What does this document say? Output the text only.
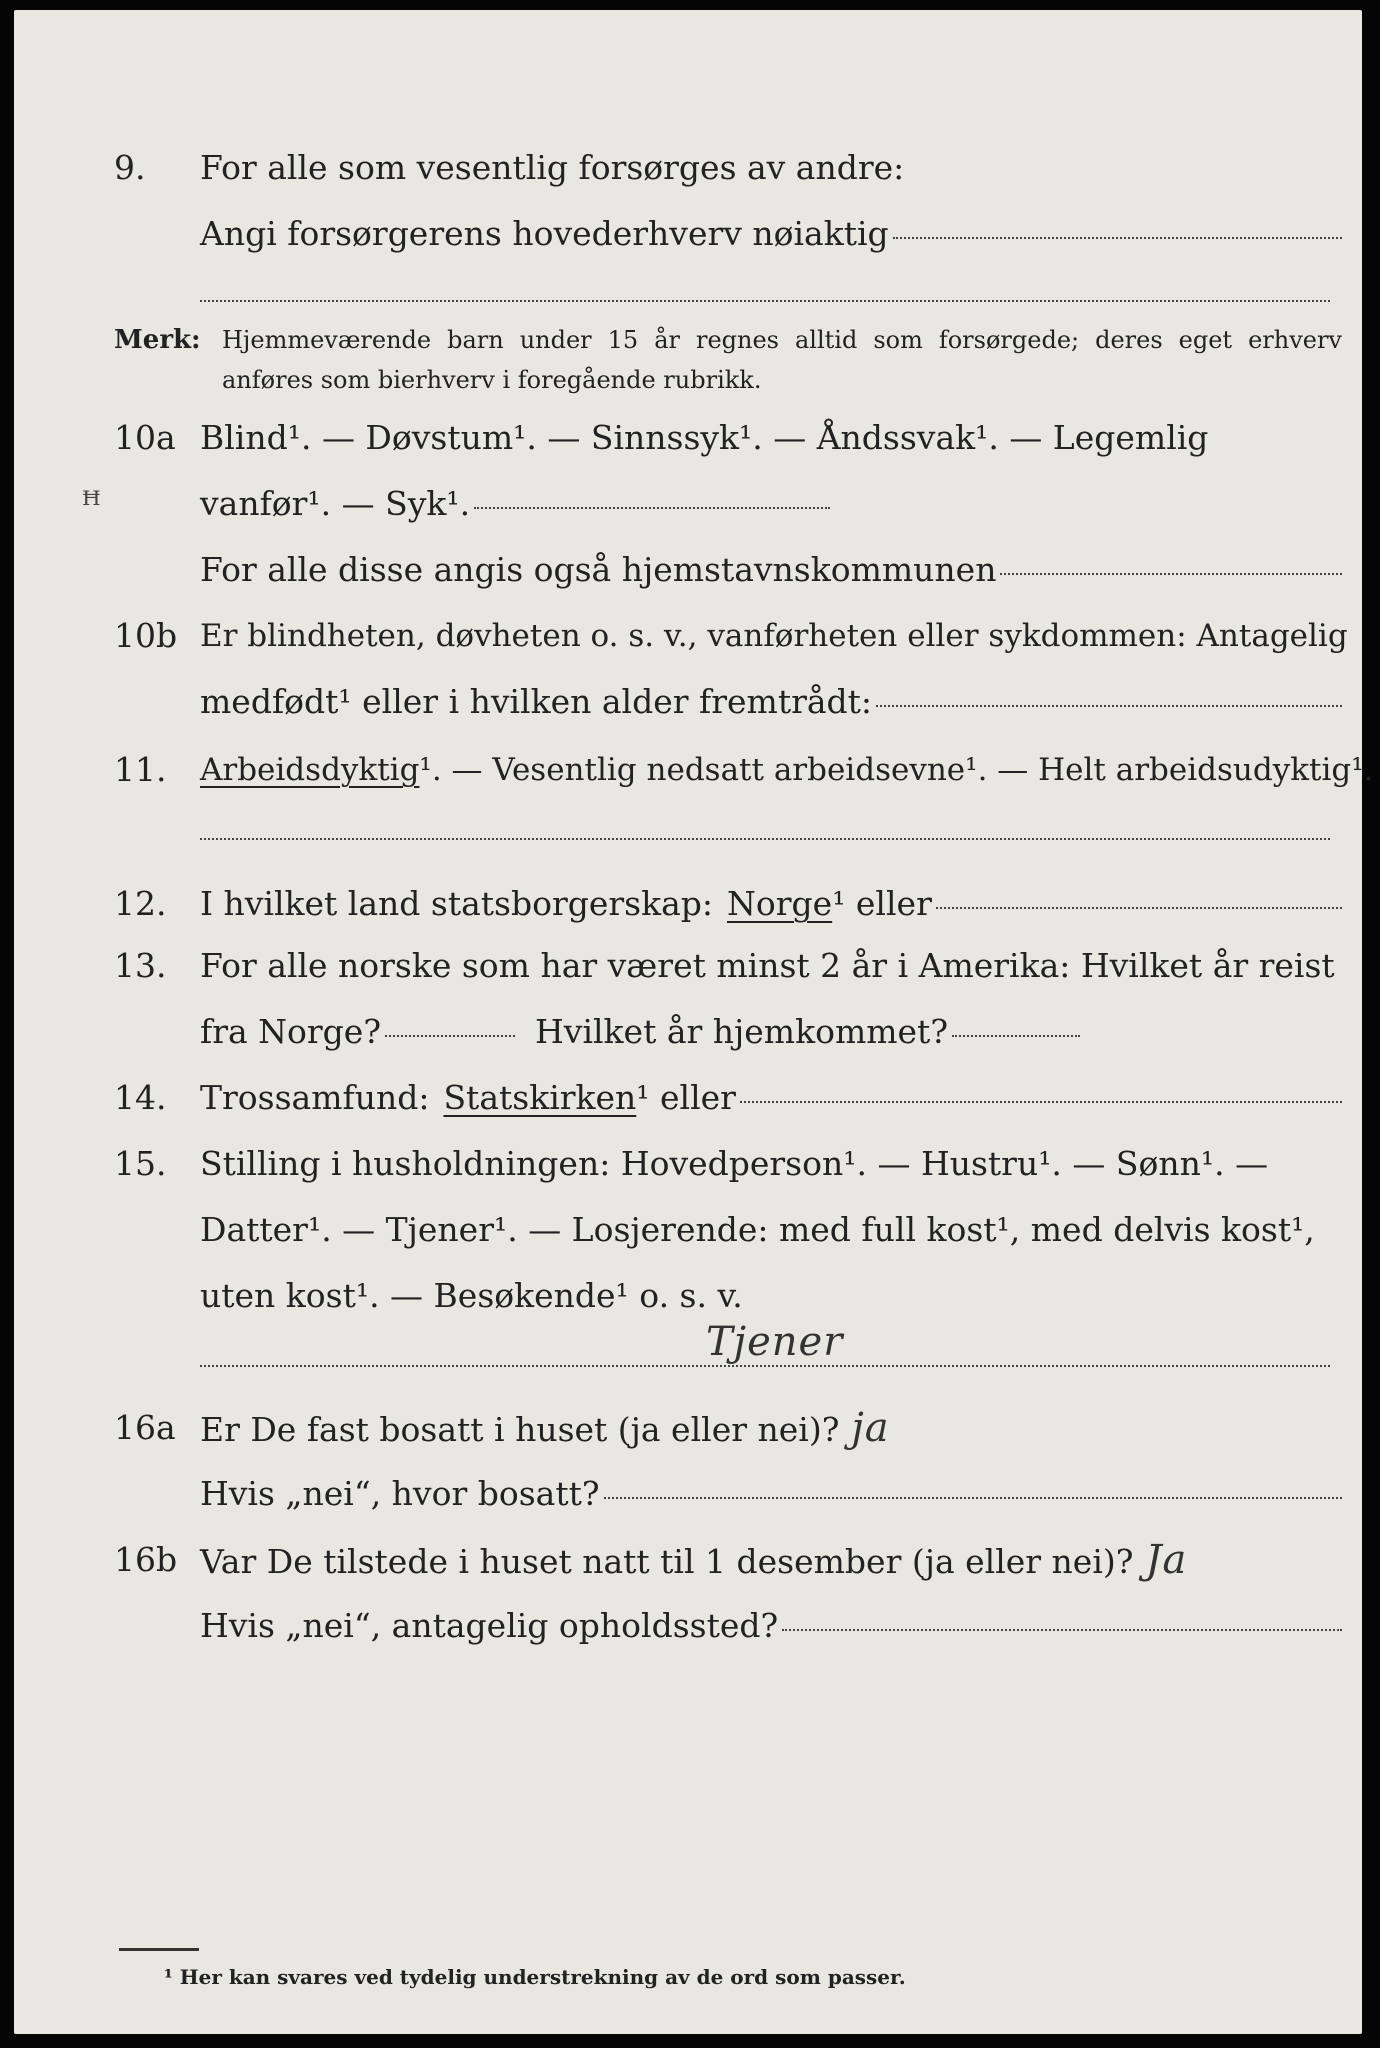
9. For alle som vesentlig forsørges av andre:
Angi forsørgerens hovederhverv nøiaktig
Merk: Hjemmeværende barn under 15 år regnes alltid som forsørgede; deres eget erhverv anføres som bierhverv i foregående rubrikk.
10a Blind¹. — Døvstum¹. — Sinnssyk¹. — Åndssvak¹. — Legemlig
ꟸ	vanfør¹. — Syk¹.
For alle disse angis også hjemstavnskommunen
10b Er blindheten, døvheten o. s. v., vanførheten eller sykdommen: Antagelig
medfødt¹ eller i hvilken alder fremtrådt:
11. Arbeidsdyktig ¹. — Vesentlig nedsatt arbeidsevne¹. — Helt arbeidsudyktig¹.
12. I hvilket land statsborgerskap: Norge ¹ eller
13. For alle norske som har været minst 2 år i Amerika: Hvilket år reist
fra Norge?	Hvilket år hjemkommet?
14. Trossamfund: Statskirken ¹ eller
15. Stilling i husholdningen: Hovedperson¹. — Hustru¹. — Sønn¹. —
Datter¹. — Tjener¹. — Losjerende: med full kost¹, med delvis kost¹,
uten kost¹. — Besøkende¹ o. s. v.
Tjener
16a Er De fast bosatt i huset (ja eller nei)? ja
Hvis „nei“, hvor bosatt?
16b Var De tilstede i huset natt til 1 desember (ja eller nei)? Ja
Hvis „nei“, antagelig opholdssted?
¹ Her kan svares ved tydelig understrekning av de ord som passer.
